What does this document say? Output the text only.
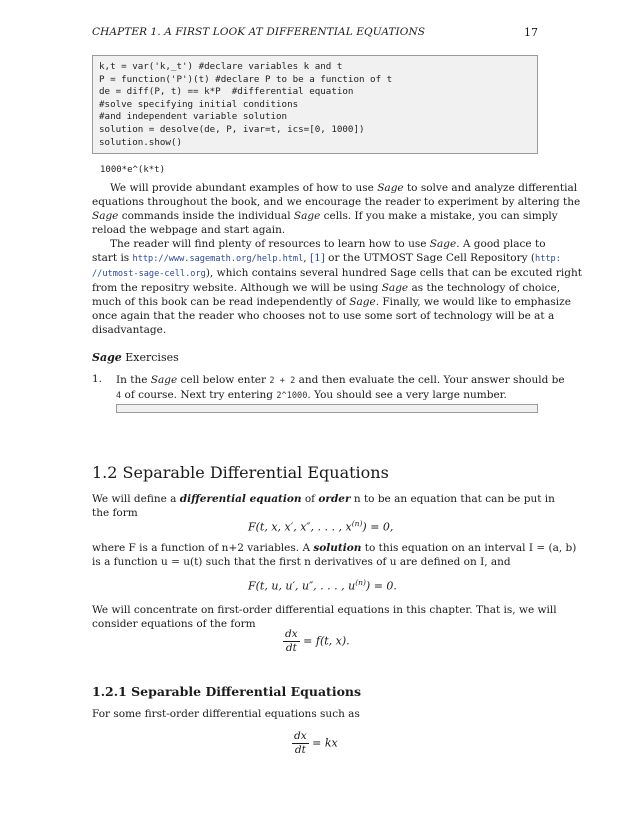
CHAPTER 1. A FIRST LOOK AT DIFFERENTIAL EQUATIONS	17
k,t = var('k,_t') #declare variables k and t
P = function('P')(t) #declare P to be a function of t
de = diff(P, t) == k*P  #differential equation
#solve specifying initial conditions
#and independent variable solution
solution = desolve(de, P, ivar=t, ics=[0, 1000])
solution.show()
1000*e^(k*t)
We will provide abundant examples of how to use Sage to solve and analyze differential
equations throughout the book, and we encourage the reader to experiment by altering the
Sage commands inside the individual Sage cells. If you make a mistake, you can simply
reload the webpage and start again.
The reader will find plenty of resources to learn how to use Sage. A good place to
start is http://www.sagemath.org/help.html, [1] or the UTMOST Sage Cell Repository (http:
//utmost-sage-cell.org), which contains several hundred Sage cells that can be excuted right
from the repositry website. Although we will be using Sage as the technology of choice,
much of this book can be read independently of Sage. Finally, we would like to emphasize
once again that the reader who chooses not to use some sort of technology will be at a
disadvantage.
Sage Exercises
1. In the Sage cell below enter 2 + 2 and then evaluate the cell. Your answer should be
4 of course. Next try entering 2^1000. You should see a very large number.
1.2 Separable Differential Equations
We will define a differential equation of order n to be an equation that can be put in
the form
F(t, x, x′, x″, . . . , $x^{(n)}) = 0$,
where F is a function of n+2 variables. A solution to this equation on an interval I = (a, b)
is a function u = u(t) such that the first n derivatives of u are defined on I, and
F(t, u, u′, u″, . . . , $u^{(n)}) = 0$.
We will concentrate on first-order differential equations in this chapter. That is, we will
consider equations of the form
$\frac{dx}{dt} = f(t$, x).
1.2.1 Separable Differential Equations
For some first-order differential equations such as
$\frac{dx}{dt}$ = kx
